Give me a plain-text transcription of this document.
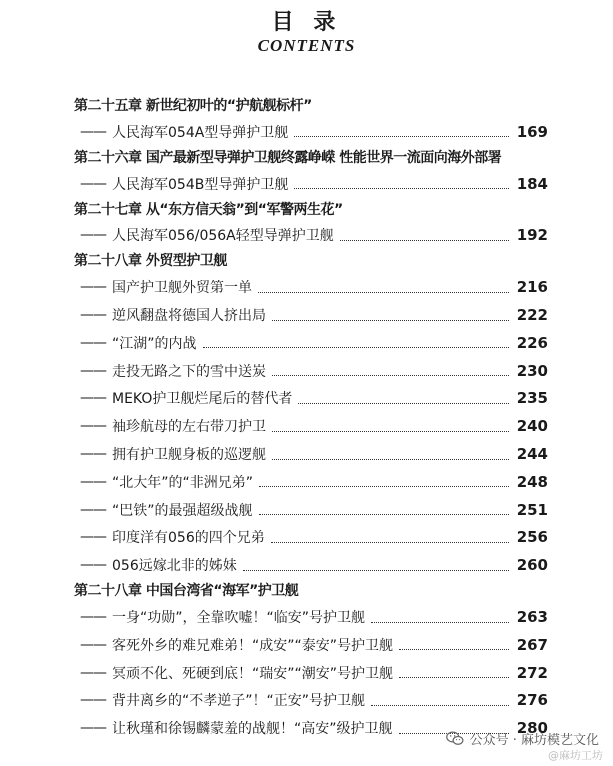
目 录
CONTENTS
第二十五章 新世纪初叶的“护航舰标杆”
—— 人民海军054A型导弹护卫舰	169
第二十六章 国产最新型导弹护卫舰终露峥嵘 性能世界一流面向海外部署
—— 人民海军054B型导弹护卫舰	184
第二十七章 从“东方信天翁”到“军警两生花”
—— 人民海军056/056A轻型导弹护卫舰	192
第二十八章 外贸型护卫舰
—— 国产护卫舰外贸第一单	216
—— 逆风翻盘将德国人挤出局	222
—— “江湖”的内战	226
—— 走投无路之下的雪中送炭	230
—— MEKO护卫舰烂尾后的替代者	235
—— 袖珍航母的左右带刀护卫	240
—— 拥有护卫舰身板的巡逻舰	244
—— “北大年”的“非洲兄弟”	248
—— “巴铁”的最强超级战舰	251
—— 印度洋有056的四个兄弟	256
—— 056远嫁北非的姊妹	260
第二十八章 中国台湾省“海军”护卫舰
—— 一身“功勋”，全靠吹嘘！“临安”号护卫舰	263
—— 客死外乡的难兄难弟！“成安”“泰安”号护卫舰	267
—— 冥顽不化、死硬到底！“瑞安”“潮安”号护卫舰	272
—— 背井离乡的“不孝逆子”！“正安”号护卫舰	276
—— 让秋瑾和徐锡麟蒙羞的战舰！“高安”级护卫舰	280
公众号 · 麻坊模艺文化
@麻坊工坊
